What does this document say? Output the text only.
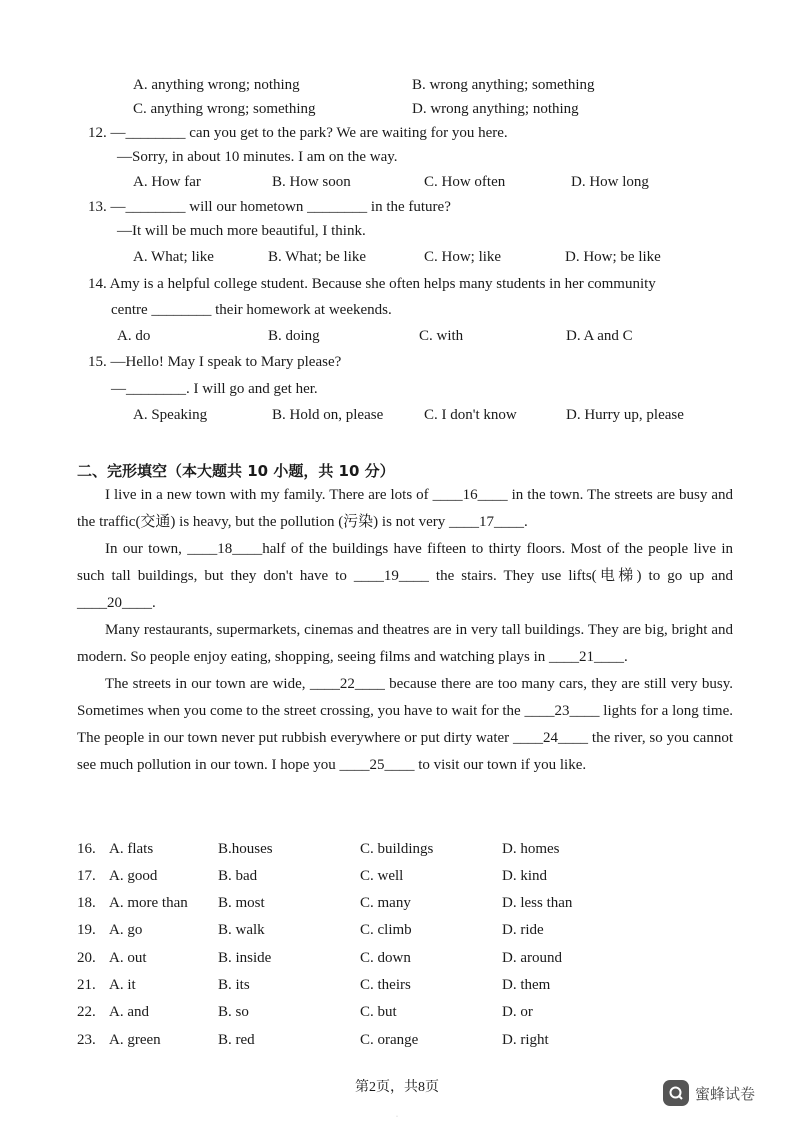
A. anything wrong; nothing	B. wrong anything; something
C. anything wrong; something	D. wrong anything; nothing
12. —________ can you get to the park? We are waiting for you here.
—Sorry, in about 10 minutes. I am on the way.
A. How far	B. How soon	C. How often	D. How long
13. —________ will our hometown ________ in the future?
—It will be much more beautiful, I think.
A. What; like	B. What; be like	C. How; like	D. How; be like
14. Amy is a helpful college student. Because she often helps many students in her community
centre ________ their homework at weekends.
A. do	B. doing	C. with	D. A and C
15. —Hello! May I speak to Mary please?
—________. I will go and get her.
A. Speaking	B. Hold on, please	C. I don't know	D. Hurry up, please
二、完形填空（本大题共 10 小题，共 10 分）

I live in a new town with my family. There are lots of ____16____ in the town. The streets are busy and the traffic(交通) is heavy, but the pollution (污染) is not very ____17____.

In our town, ____18____half of the buildings have fifteen to thirty floors. Most of the people live in such tall buildings, but they don't have to ____19____ the stairs. They use lifts(电梯) to go up and ____20____.

Many restaurants, supermarkets, cinemas and theatres are in very tall buildings. They are big, bright and modern. So people enjoy eating, shopping, seeing films and watching plays in ____21____.

The streets in our town are wide, ____22____ because there are too many cars, they are still very busy. Sometimes when you come to the street crossing, you have to wait for the ____23____ lights for a long time. The people in our town never put rubbish everywhere or put dirty water ____24____ the river, so you cannot see much pollution in our town. I hope you ____25____ to visit our town if you like.

16. A. flats	B.houses	C. buildings	D. homes
17. A. good	B. bad	C. well	D. kind
18. A. more than B. most	C. many	D. less than
19. A. go	B. walk	C. climb	D. ride
20. A. out	B. inside	C. down	D. around
21. A. it	B. its	C. theirs	D. them
22. A. and	B. so	C. but	D. or
23. A. green	B. red	C. orange	D. right
第2页，共8页	蜜蜂试卷
·
